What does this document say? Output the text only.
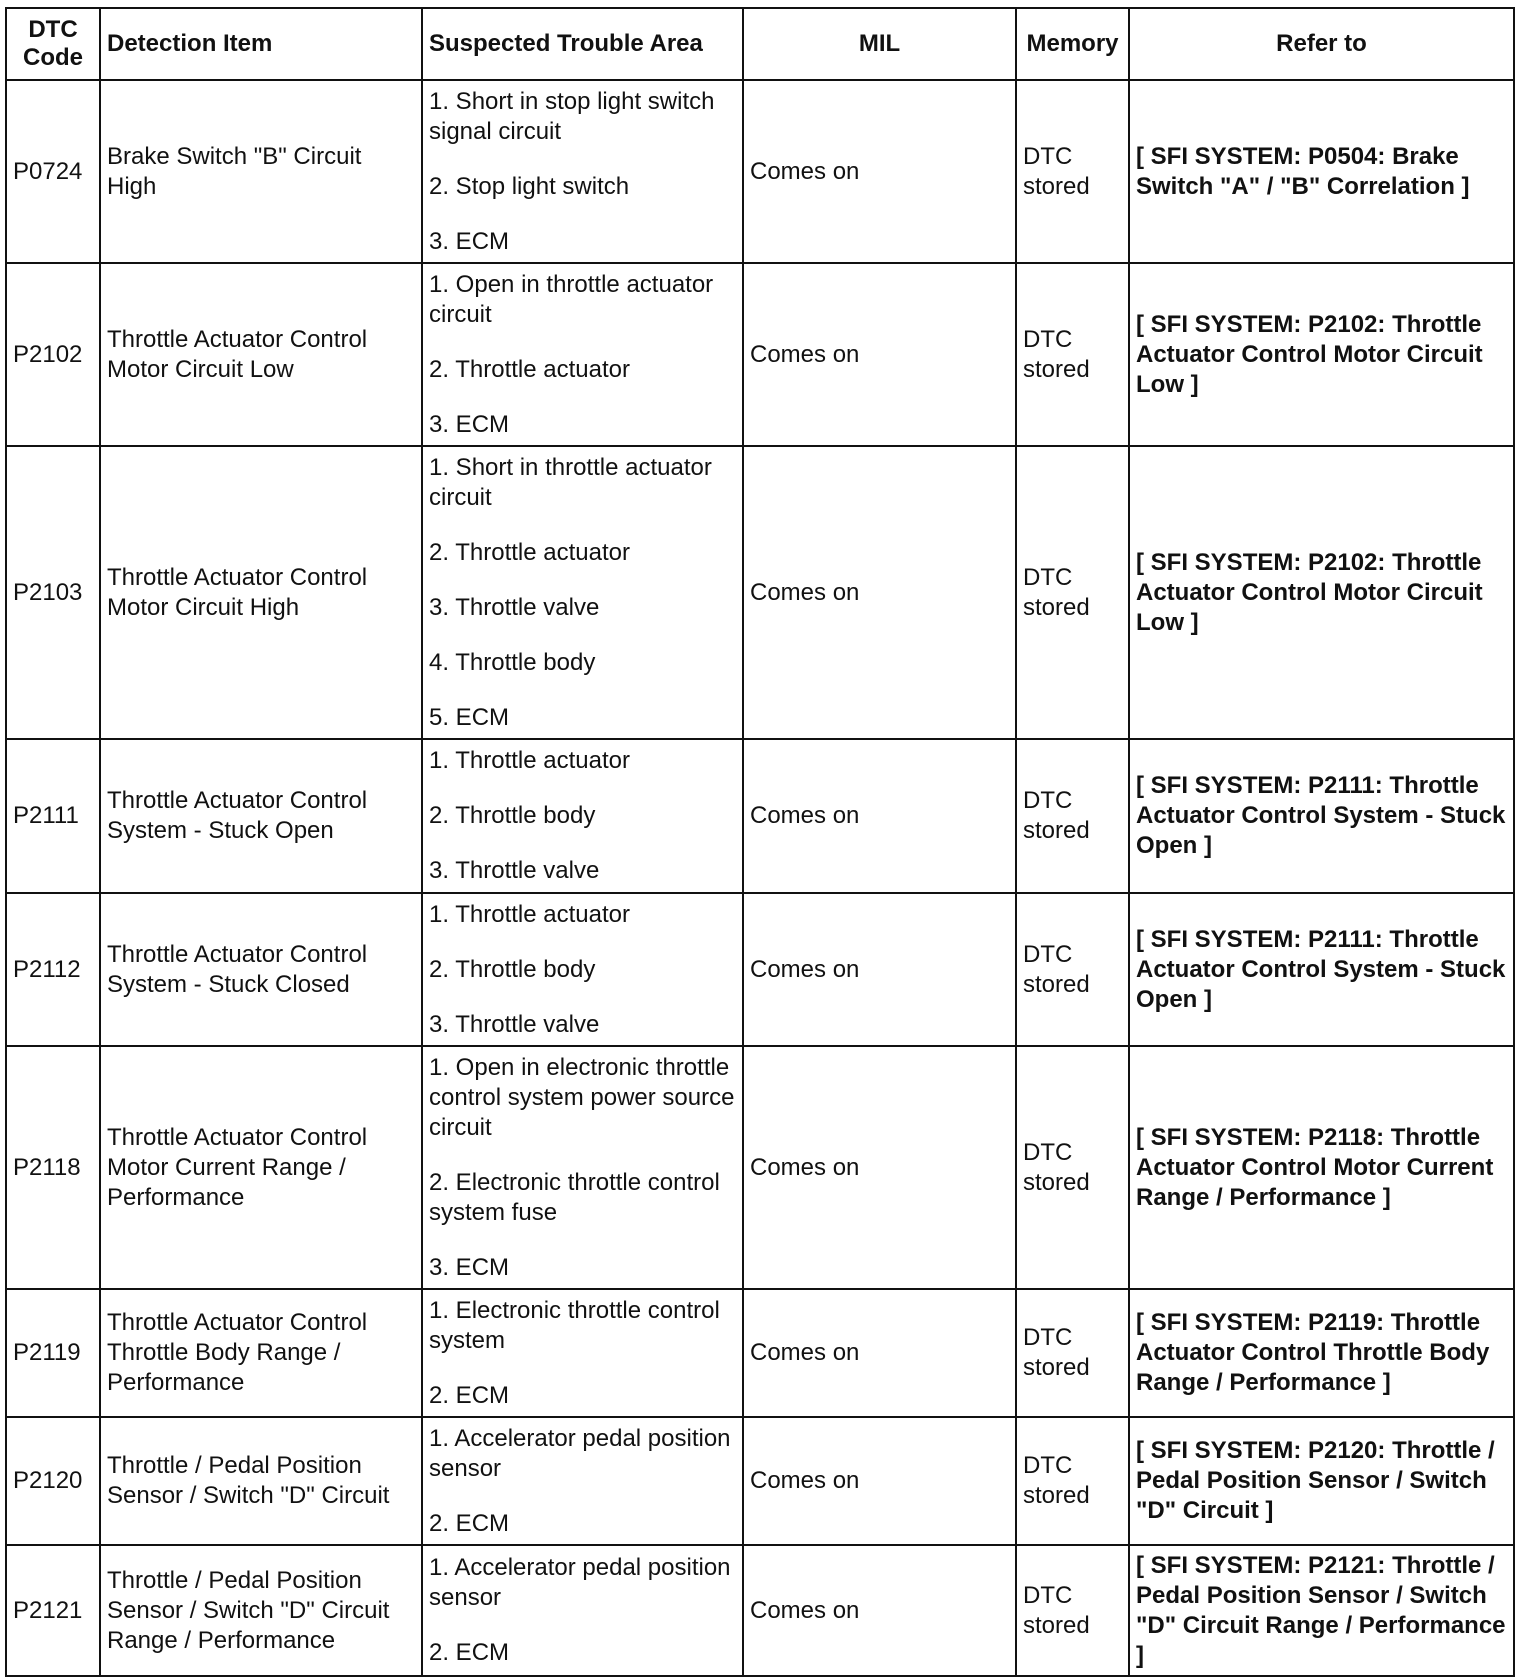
DTC Code	Detection Item	Suspected Trouble Area	MIL	Memory	Refer to
P0724	Brake Switch "B" Circuit High	1. Short in stop light switch signal circuit
2. Stop light switch
3. ECM	Comes on	DTC stored	[ SFI SYSTEM: P0504: Brake Switch "A" / "B" Correlation ]
P2102	Throttle Actuator Control Motor Circuit Low	1. Open in throttle actuator circuit
2. Throttle actuator
3. ECM	Comes on	DTC stored	[ SFI SYSTEM: P2102: Throttle Actuator Control Motor Circuit Low ]
P2103	Throttle Actuator Control Motor Circuit High	1. Short in throttle actuator circuit
2. Throttle actuator
3. Throttle valve
4. Throttle body
5. ECM	Comes on	DTC stored	[ SFI SYSTEM: P2102: Throttle Actuator Control Motor Circuit Low ]
P2111	Throttle Actuator Control System - Stuck Open	1. Throttle actuator
2. Throttle body
3. Throttle valve	Comes on	DTC stored	[ SFI SYSTEM: P2111: Throttle Actuator Control System - Stuck Open ]
P2112	Throttle Actuator Control System - Stuck Closed	1. Throttle actuator
2. Throttle body
3. Throttle valve	Comes on	DTC stored	[ SFI SYSTEM: P2111: Throttle Actuator Control System - Stuck Open ]
P2118	Throttle Actuator Control Motor Current Range / Performance	1. Open in electronic throttle control system power source circuit
2. Electronic throttle control system fuse
3. ECM	Comes on	DTC stored	[ SFI SYSTEM: P2118: Throttle Actuator Control Motor Current Range / Performance ]
P2119	Throttle Actuator Control Throttle Body Range / Performance	1. Electronic throttle control system
2. ECM	Comes on	DTC stored	[ SFI SYSTEM: P2119: Throttle Actuator Control Throttle Body Range / Performance ]
P2120	Throttle / Pedal Position Sensor / Switch "D" Circuit	1. Accelerator pedal position sensor
2. ECM	Comes on	DTC stored	[ SFI SYSTEM: P2120: Throttle / Pedal Position Sensor / Switch "D" Circuit ]
P2121	Throttle / Pedal Position Sensor / Switch "D" Circuit Range / Performance	1. Accelerator pedal position sensor
2. ECM	Comes on	DTC stored	[ SFI SYSTEM: P2121: Throttle / Pedal Position Sensor / Switch "D" Circuit Range / Performance ]
